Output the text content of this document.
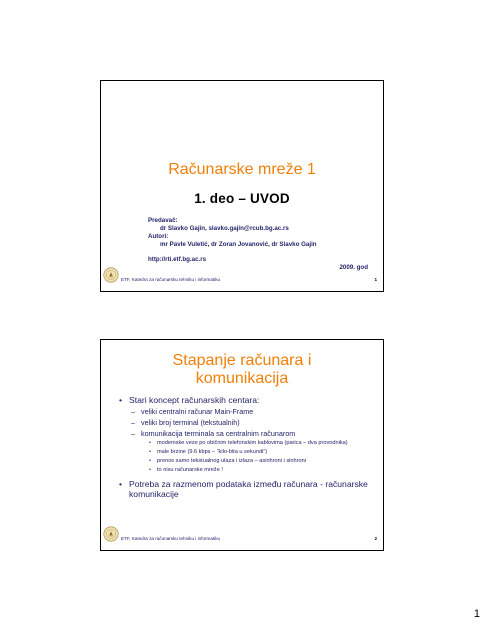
Računarske mreže 1
1. deo – UVOD
Predavač:
dr Slavko Gajin, slavko.gajin@rcub.bg.ac.rs
Autori:
mr Pavle Vuletić, dr Zoran Jovanović, dr Slavko Gajin
http://rti.etf.bg.ac.rs
2009. god
ETF, Katedra za računarsku tehniku i informatiku	1
Stapanje računara i
komunikacija
• Stari koncept računarskih centara:
– veliki centralni računar Main-Frame
– veliki broj terminal (tekstualnih)
– komunikacija terminala sa centralnim računarom
• modemske veze po običnim telefonskim kablovima (parica – dva provodnika)
• male brzine (9.6 kbps – “kilo-bita u sekundi”)
• prenos samo tekstualnog ulaza i izlaza – asinhroni i sinhroni
• to nisu računarske mreže !
• Potreba za razmenom podataka između računara - računarske komunikacije
ETF, Katedra za računarsku tehniku i informatiku	2
1
